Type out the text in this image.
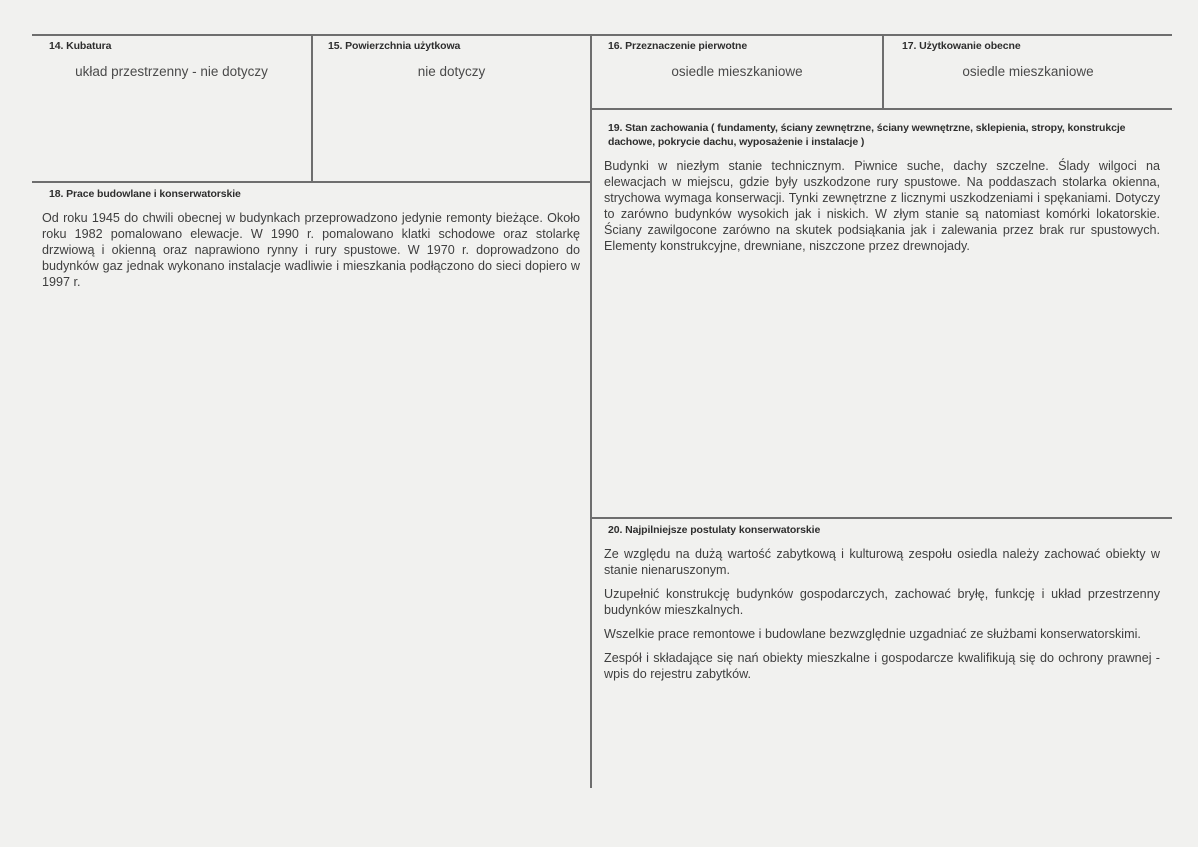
14. Kubatura
układ przestrzenny - nie dotyczy
15. Powierzchnia użytkowa
nie dotyczy
16. Przeznaczenie pierwotne
osiedle mieszkaniowe
17. Użytkowanie obecne
osiedle mieszkaniowe
18. Prace budowlane i konserwatorskie

Od roku 1945 do chwili obecnej w budynkach przeprowadzono jedynie remonty bieżące. Około roku 1982 pomalowano elewacje. W 1990 r. pomalowano klatki schodowe oraz stolarkę drzwiową i okienną oraz naprawiono rynny i rury spustowe. W 1970 r. doprowadzono do budynków gaz jednak wykonano instalacje wadliwie i mieszkania podłączono do sieci dopiero w 1997 r.

19. Stan zachowania ( fundamenty, ściany zewnętrzne, ściany wewnętrzne, sklepienia, stropy, konstrukcje dachowe, pokrycie dachu, wyposażenie i instalacje )

Budynki w niezłym stanie technicznym. Piwnice suche, dachy szczelne. Ślady wilgoci na elewacjach w miejscu, gdzie były uszkodzone rury spustowe. Na poddaszach stolarka okienna, strychowa wymaga konserwacji. Tynki zewnętrzne z licznymi uszkodzeniami i spękaniami. Dotyczy to zarówno budynków wysokich jak i niskich. W złym stanie są natomiast komórki lokatorskie. Ściany zawilgocone zarówno na skutek podsiąkania jak i zalewania przez brak rur spustowych. Elementy konstrukcyjne, drewniane, niszczone przez drewnojady.

20. Najpilniejsze postulaty konserwatorskie

Ze względu na dużą wartość zabytkową i kulturową zespołu osiedla należy zachować obiekty w stanie nienaruszonym.

Uzupełnić konstrukcję budynków gospodarczych, zachować bryłę, funkcję i układ przestrzenny budynków mieszkalnych.

Wszelkie prace remontowe i budowlane bezwzględnie uzgadniać ze służbami konserwatorskimi.

Zespół i składające się nań obiekty mieszkalne i gospodarcze kwalifikują się do ochrony prawnej - wpis do rejestru zabytków.
